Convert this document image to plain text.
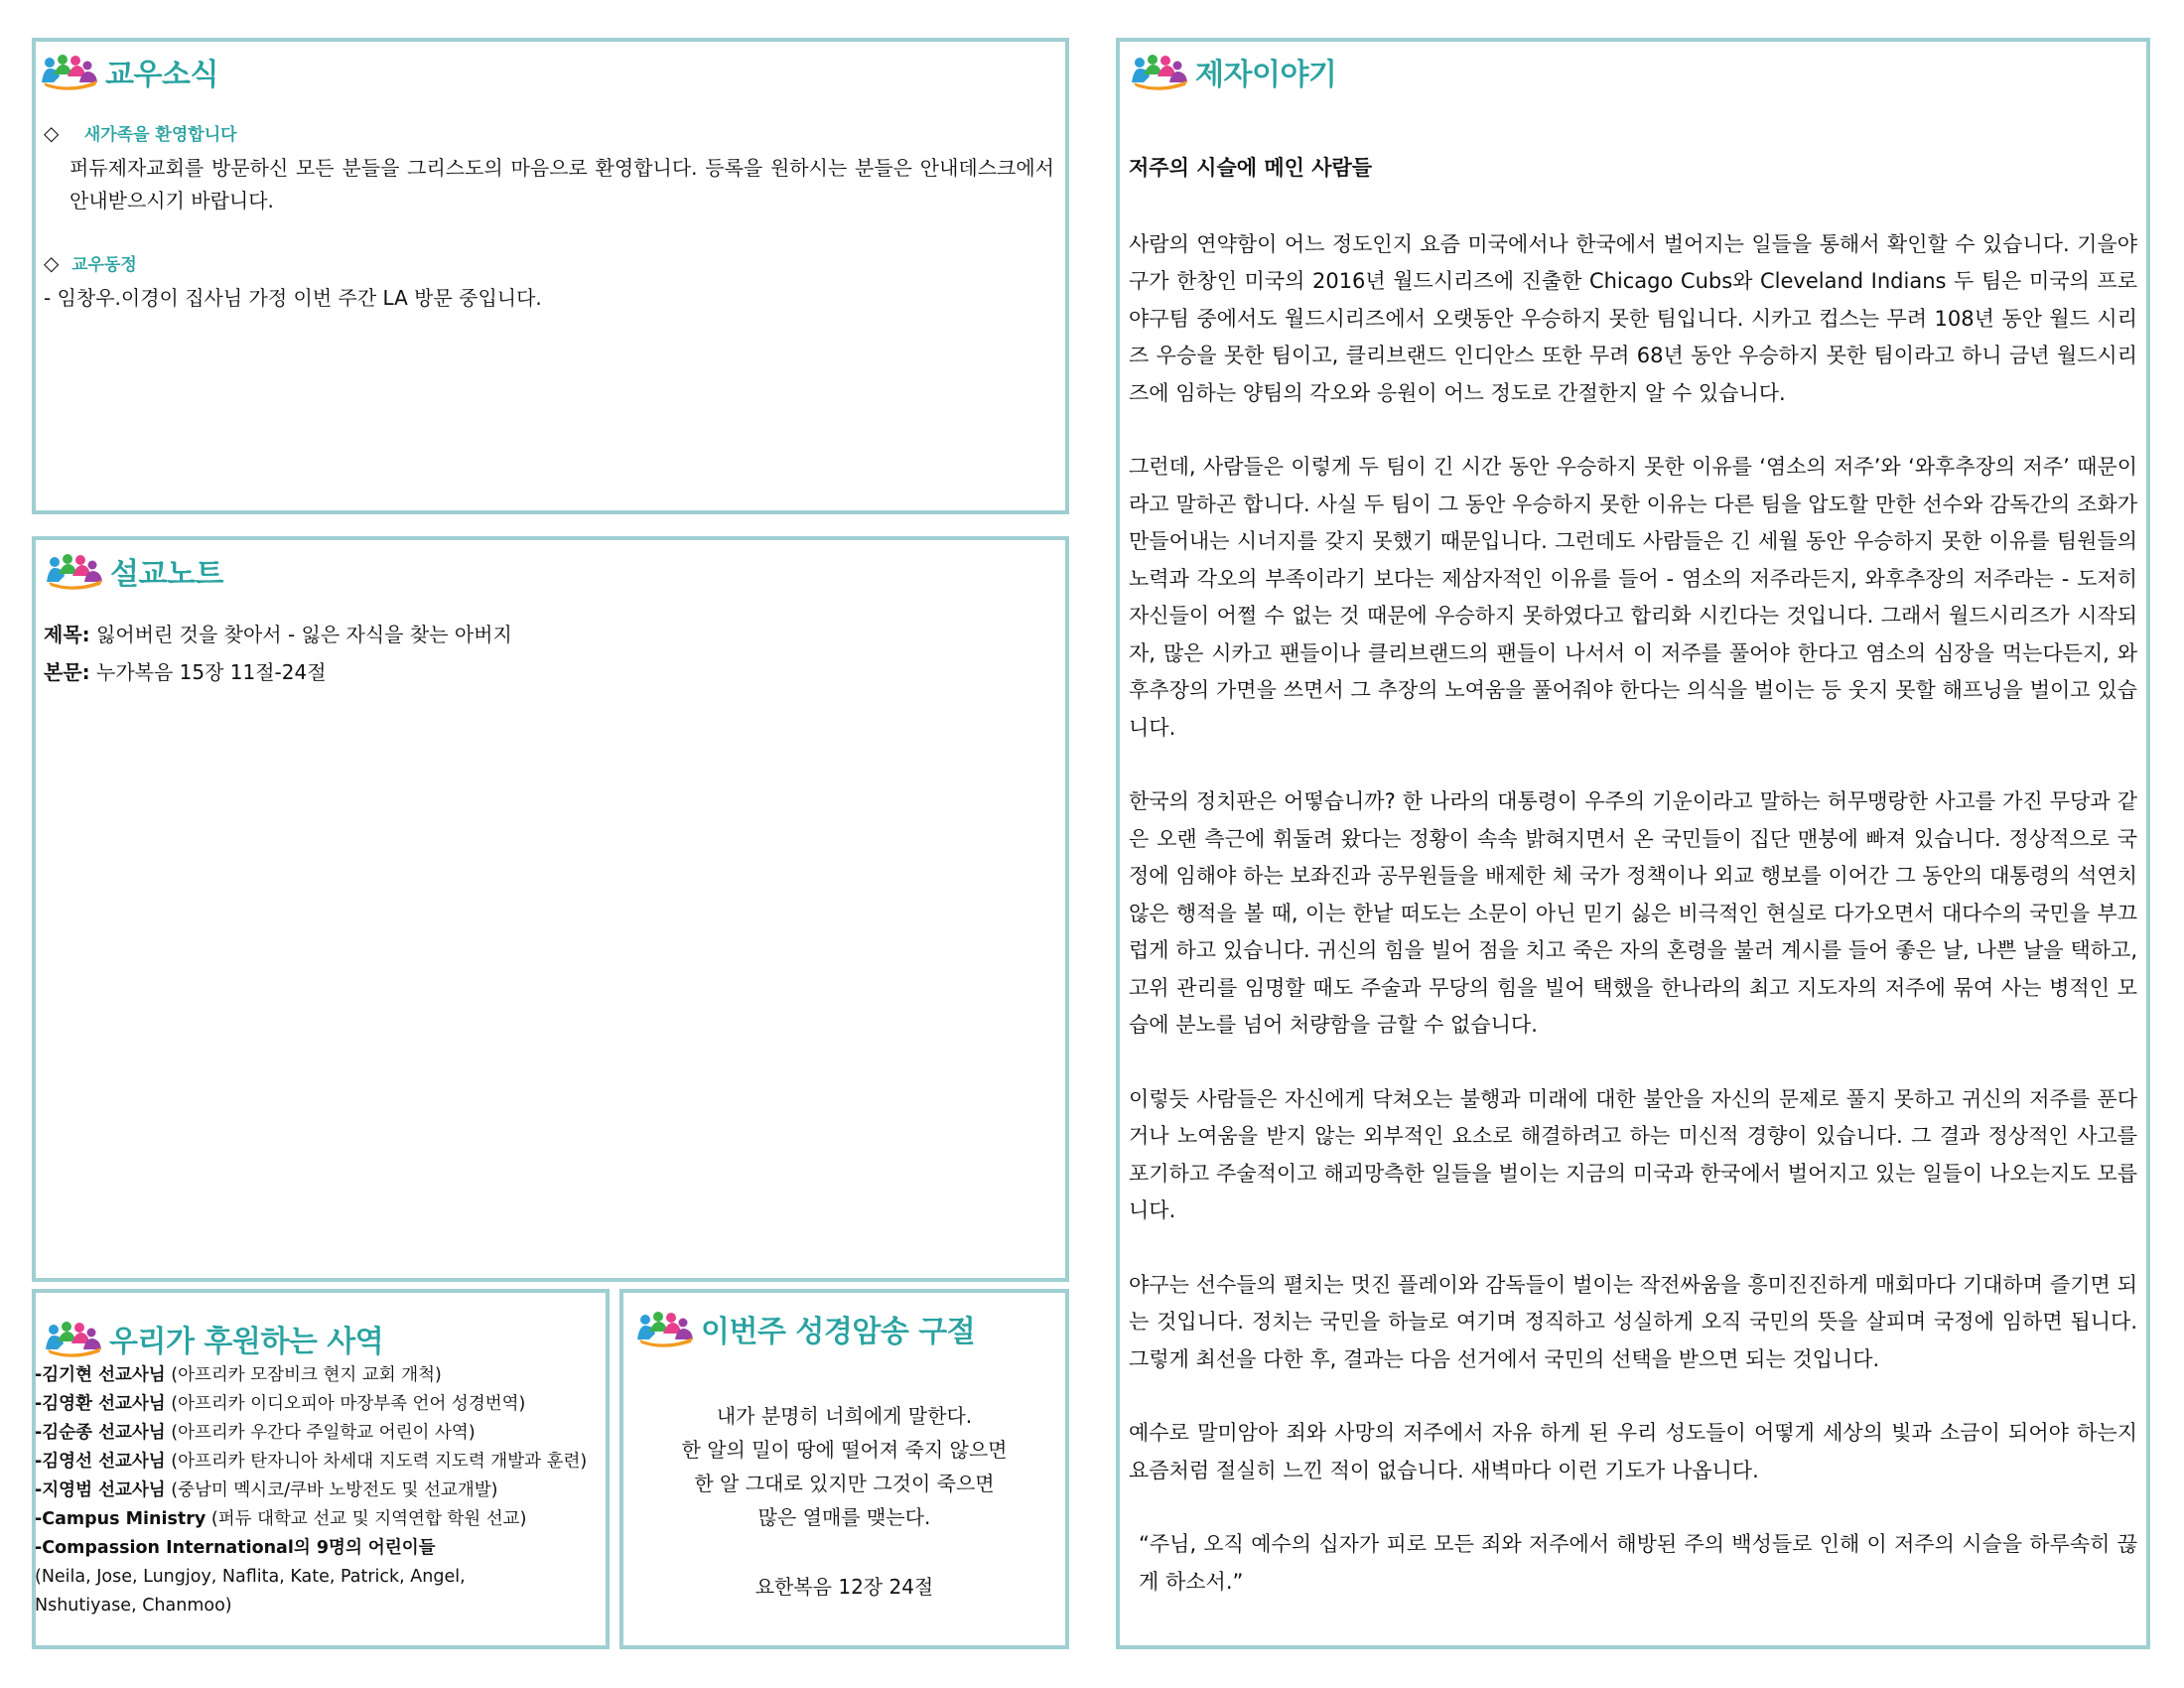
교우소식

◇ 새가족을 환영합니다

퍼듀제자교회를 방문하신 모든 분들을 그리스도의 마음으로 환영합니다. 등록을 원하시는 분들은 안내데스크에서 안내받으시기 바랍니다.

◇ 교우동정

- 임창우.이경이 집사님 가정 이번 주간 LA 방문 중입니다.

설교노트

제목: 잃어버린 것을 찾아서 - 잃은 자식을 찾는 아버지

본문: 누가복음 15장 11절-24절

우리가 후원하는 사역
-김기현 선교사님 (아프리카 모잠비크 현지 교회 개척)
-김영환 선교사님 (아프리카 이디오피아 마장부족 언어 성경번역)
-김순종 선교사님 (아프리카 우간다 주일학교 어린이 사역)
-김영선 선교사님 (아프리카 탄자니아 차세대 지도력 지도력 개발과 훈련)
-지영범 선교사님 (중남미 멕시코/쿠바 노방전도 및 선교개발)
-Campus Ministry (퍼듀 대학교 선교 및 지역연합 학원 선교)
-Compassion International의 9명의 어린이들
(Neila, Jose, Lungjoy, Naflita, Kate, Patrick, Angel,
Nshutiyase, Chanmoo)
이번주 성경암송 구절
내가 분명히 너희에게 말한다.
한 알의 밀이 땅에 떨어져 죽지 않으면
한 알 그대로 있지만 그것이 죽으면
많은 열매를 맺는다.
요한복음 12장 24절
제자이야기

저주의 시슬에 메인 사람들

사람의 연약함이 어느 정도인지 요즘 미국에서나 한국에서 벌어지는 일들을 통해서 확인할 수 있습니다. 기을야구가 한창인 미국의 2016년 월드시리즈에 진출한 Chicago Cubs와 Cleveland Indians 두 팀은 미국의 프로 야구팀 중에서도 월드시리즈에서 오랫동안 우승하지 못한 팀입니다. 시카고 컵스는 무려 108년 동안 월드 시리즈 우승을 못한 팀이고, 클리브랜드 인디안스 또한 무려 68년 동안 우승하지 못한 팀이라고 하니 금년 월드시리즈에 임하는 양팀의 각오와 응원이 어느 정도로 간절한지 알 수 있습니다.

그런데, 사람들은 이렇게 두 팀이 긴 시간 동안 우승하지 못한 이유를 ‘염소의 저주’와 ‘와후추장의 저주’ 때문이라고 말하곤 합니다. 사실 두 팀이 그 동안 우승하지 못한 이유는 다른 팀을 압도할 만한 선수와 감독간의 조화가 만들어내는 시너지를 갖지 못했기 때문입니다. 그런데도 사람들은 긴 세월 동안 우승하지 못한 이유를 팀원들의 노력과 각오의 부족이라기 보다는 제삼자적인 이유를 들어 - 염소의 저주라든지, 와후추장의 저주라는 - 도저히 자신들이 어쩔 수 없는 것 때문에 우승하지 못하였다고 합리화 시킨다는 것입니다. 그래서 월드시리즈가 시작되자, 많은 시카고 팬들이나 클리브랜드의 팬들이 나서서 이 저주를 풀어야 한다고 염소의 심장을 먹는다든지, 와후추장의 가면을 쓰면서 그 추장의 노여움을 풀어줘야 한다는 의식을 벌이는 등 웃지 못할 해프닝을 벌이고 있습니다.

한국의 정치판은 어떻습니까? 한 나라의 대통령이 우주의 기운이라고 말하는 허무맹랑한 사고를 가진 무당과 같은 오랜 측근에 휘둘려 왔다는 정황이 속속 밝혀지면서 온 국민들이 집단 맨붕에 빠져 있습니다. 정상적으로 국정에 임해야 하는 보좌진과 공무원들을 배제한 체 국가 정책이나 외교 행보를 이어간 그 동안의 대통령의 석연치 않은 행적을 볼 때, 이는 한낱 떠도는 소문이 아닌 믿기 싫은 비극적인 현실로 다가오면서 대다수의 국민을 부끄럽게 하고 있습니다. 귀신의 힘을 빌어 점을 치고 죽은 자의 혼령을 불러 계시를 들어 좋은 날, 나쁜 날을 택하고, 고위 관리를 임명할 때도 주술과 무당의 힘을 빌어 택했을 한나라의 최고 지도자의 저주에 묶여 사는 병적인 모습에 분노를 넘어 처량함을 금할 수 없습니다.

이렇듯 사람들은 자신에게 닥쳐오는 불행과 미래에 대한 불안을 자신의 문제로 풀지 못하고 귀신의 저주를 푼다거나 노여움을 받지 않는 외부적인 요소로 해결하려고 하는 미신적 경향이 있습니다. 그 결과 정상적인 사고를 포기하고 주술적이고 해괴망측한 일들을 벌이는 지금의 미국과 한국에서 벌어지고 있는 일들이 나오는지도 모릅니다.

야구는 선수들의 펼치는 멋진 플레이와 감독들이 벌이는 작전싸움을 흥미진진하게 매회마다 기대하며 즐기면 되는 것입니다. 정치는 국민을 하늘로 여기며 정직하고 성실하게 오직 국민의 뜻을 살피며 국정에 임하면 됩니다. 그렇게 최선을 다한 후, 결과는 다음 선거에서 국민의 선택을 받으면 되는 것입니다.

예수로 말미암아 죄와 사망의 저주에서 자유 하게 된 우리 성도들이 어떻게 세상의 빛과 소금이 되어야 하는지 요즘처럼 절실히 느낀 적이 없습니다. 새벽마다 이런 기도가 나옵니다.

“주님, 오직 예수의 십자가 피로 모든 죄와 저주에서 해방된 주의 백성들로 인해 이 저주의 시슬을 하루속히 끊게 하소서.”
